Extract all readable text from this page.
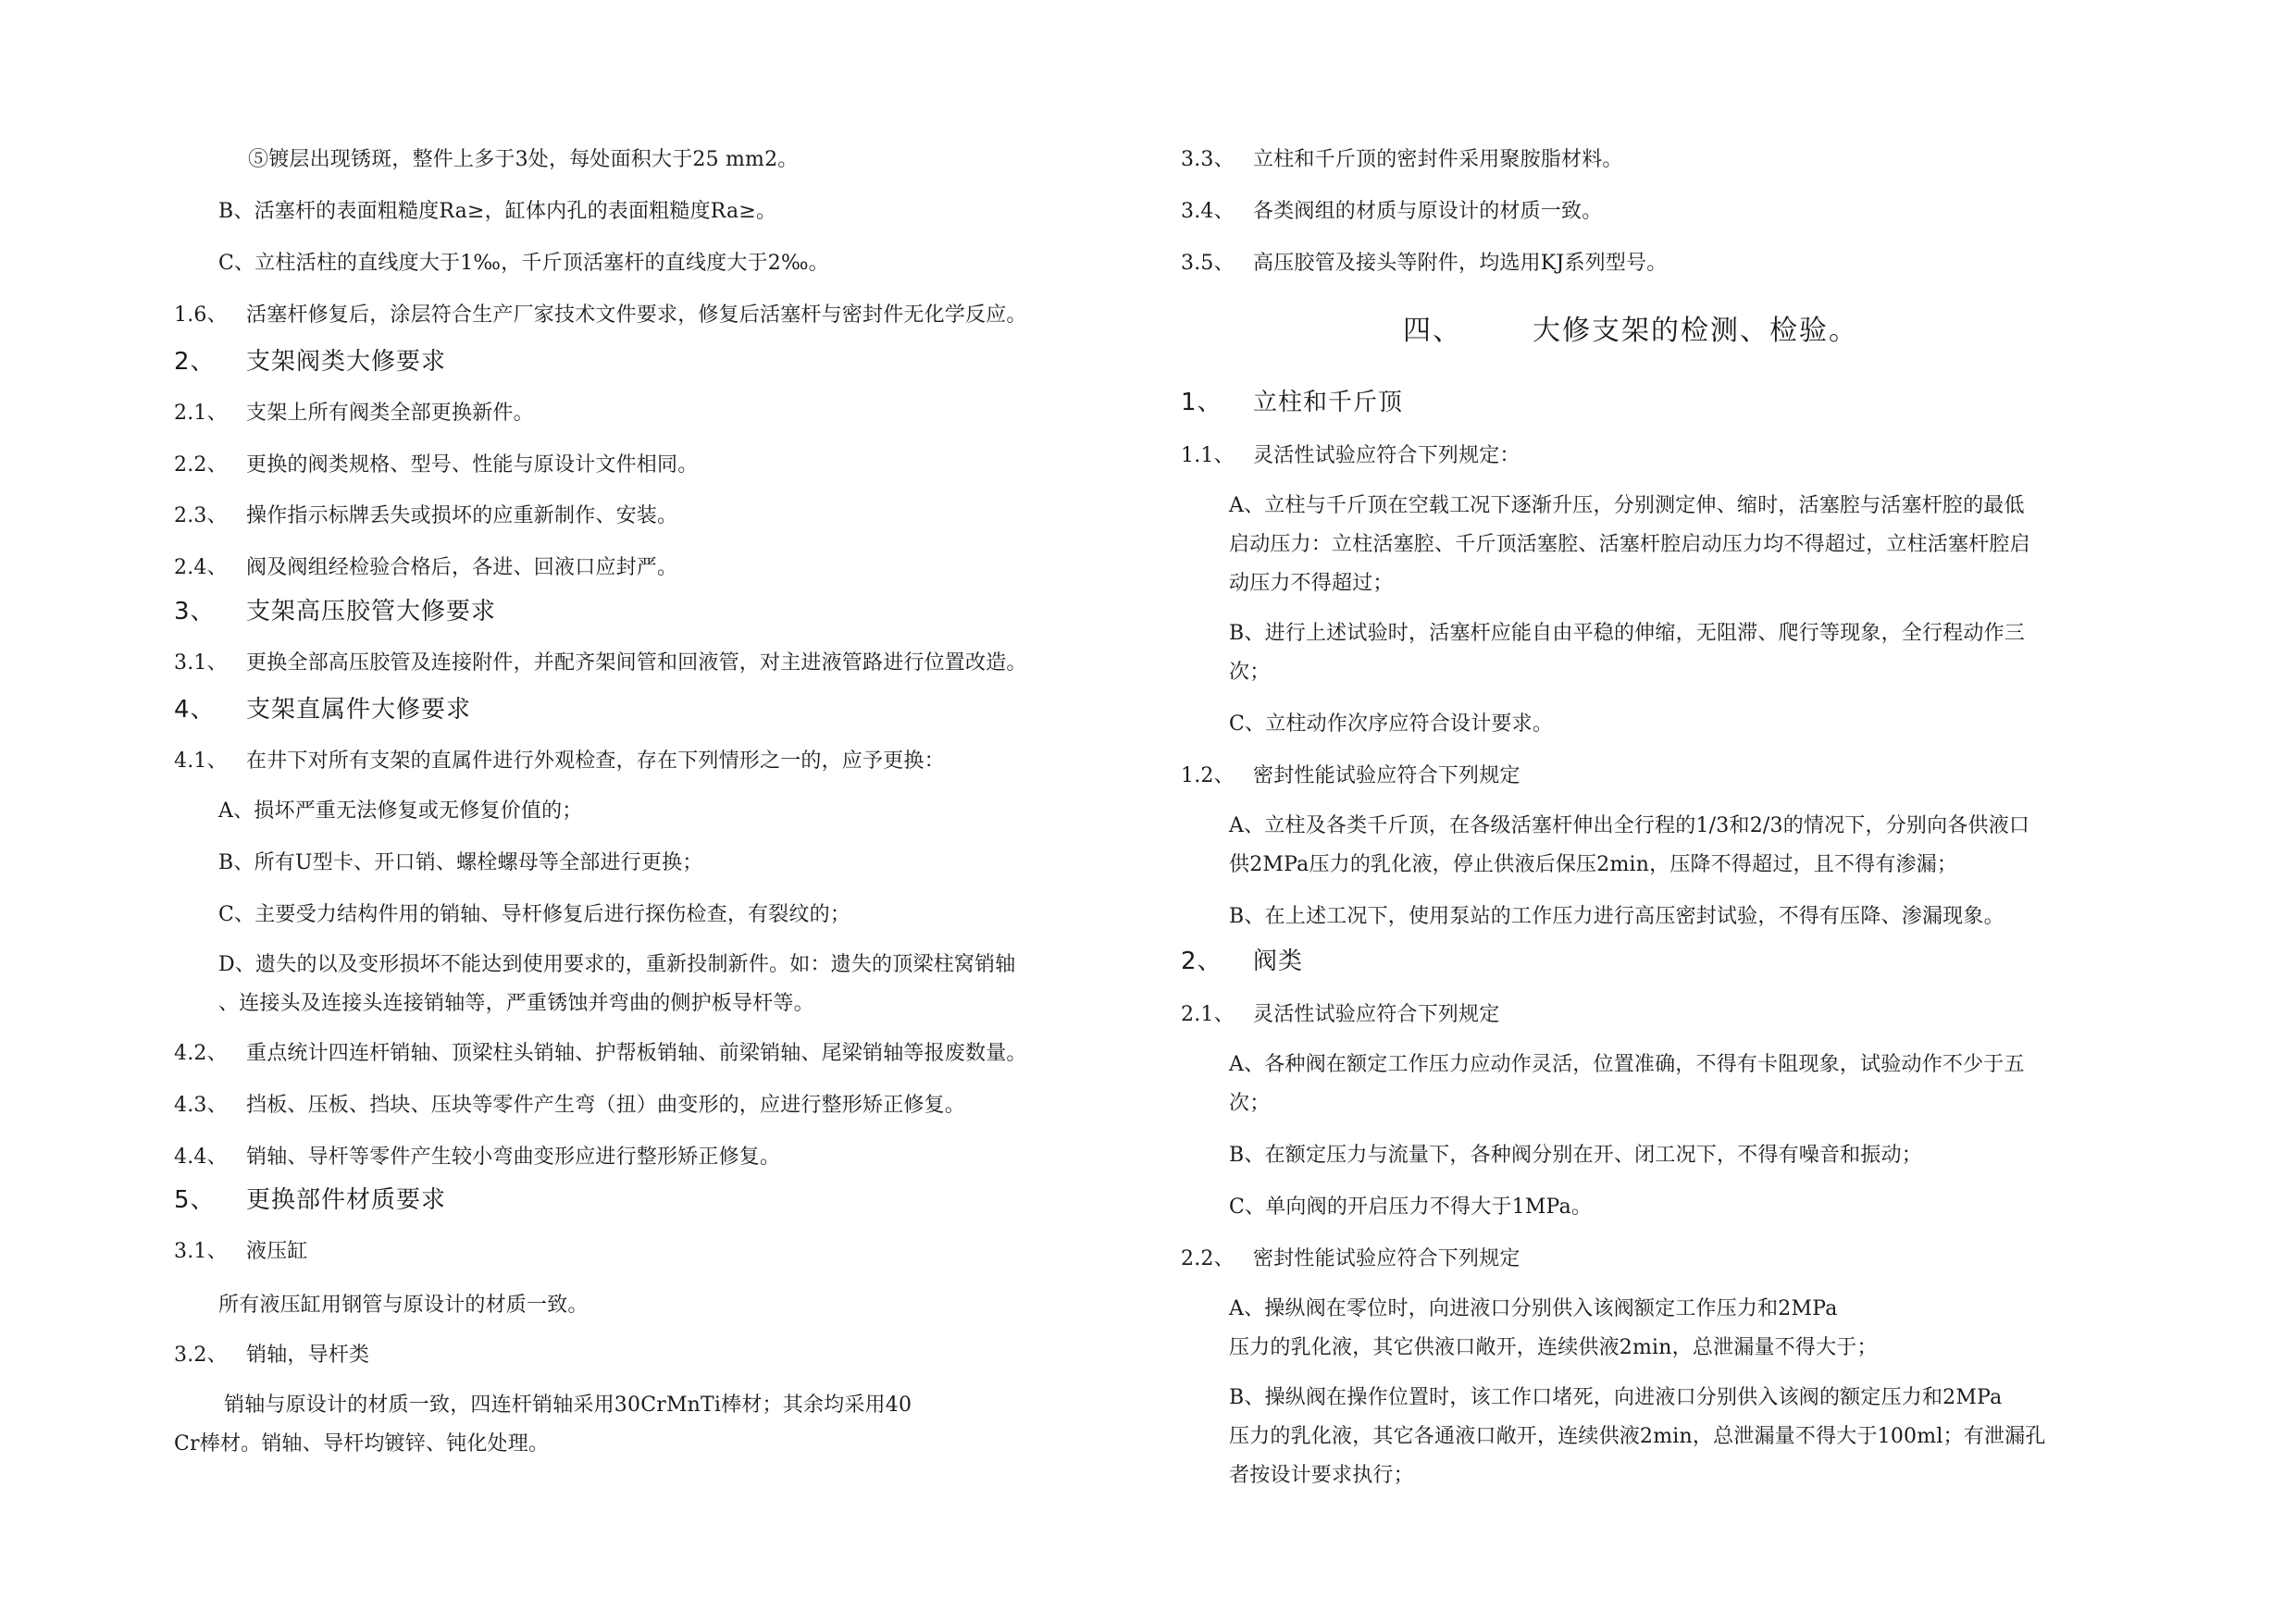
⑤镀层出现锈斑，整件上多于3处，每处面积大于25 mm2。
B、活塞杆的表面粗糙度Ra≥，缸体内孔的表面粗糙度Ra≥。
C、立柱活柱的直线度大于1‰，千斤顶活塞杆的直线度大于2‰。
1.6、 活塞杆修复后，涂层符合生产厂家技术文件要求，修复后活塞杆与密封件无化学反应。
2、 支架阀类大修要求
2.1、 支架上所有阀类全部更换新件。
2.2、 更换的阀类规格、型号、性能与原设计文件相同。
2.3、 操作指示标牌丢失或损坏的应重新制作、安装。
2.4、 阀及阀组经检验合格后，各进、回液口应封严。
3、 支架高压胶管大修要求
3.1、 更换全部高压胶管及连接附件，并配齐架间管和回液管，对主进液管路进行位置改造。
4、 支架直属件大修要求
4.1、 在井下对所有支架的直属件进行外观检查，存在下列情形之一的，应予更换：
A、损坏严重无法修复或无修复价值的；
B、所有U型卡、开口销、螺栓螺母等全部进行更换；
C、主要受力结构件用的销轴、导杆修复后进行探伤检查，有裂纹的；
D、遗失的以及变形损坏不能达到使用要求的，重新投制新件。如：遗失的顶梁柱窝销轴
、连接头及连接头连接销轴等，严重锈蚀并弯曲的侧护板导杆等。
4.2、 重点统计四连杆销轴、顶梁柱头销轴、护帮板销轴、前梁销轴、尾梁销轴等报废数量。
4.3、 挡板、压板、挡块、压块等零件产生弯（扭）曲变形的，应进行整形矫正修复。
4.4、 销轴、导杆等零件产生较小弯曲变形应进行整形矫正修复。
5、 更换部件材质要求
3.1、 液压缸
所有液压缸用钢管与原设计的材质一致。
3.2、 销轴，导杆类
销轴与原设计的材质一致，四连杆销轴采用30CrMnTi棒材；其余均采用40
Cr棒材。销轴、导杆均镀锌、钝化处理。
3.3、 立柱和千斤顶的密封件采用聚胺脂材料。
3.4、 各类阀组的材质与原设计的材质一致。
3.5、 高压胶管及接头等附件，均选用KJ系列型号。
四、	大修支架的检测、检验。
1、 立柱和千斤顶
1.1、 灵活性试验应符合下列规定：
A、立柱与千斤顶在空载工况下逐渐升压，分别测定伸、缩时，活塞腔与活塞杆腔的最低
启动压力：立柱活塞腔、千斤顶活塞腔、活塞杆腔启动压力均不得超过，立柱活塞杆腔启
动压力不得超过；
B、进行上述试验时，活塞杆应能自由平稳的伸缩，无阻滞、爬行等现象，全行程动作三
次；
C、立柱动作次序应符合设计要求。
1.2、 密封性能试验应符合下列规定
A、立柱及各类千斤顶，在各级活塞杆伸出全行程的1/3和2/3的情况下，分别向各供液口
供2MPa压力的乳化液，停止供液后保压2min，压降不得超过，且不得有渗漏；
B、在上述工况下，使用泵站的工作压力进行高压密封试验，不得有压降、渗漏现象。
2、 阀类
2.1、 灵活性试验应符合下列规定
A、各种阀在额定工作压力应动作灵活，位置准确，不得有卡阻现象，试验动作不少于五
次；
B、在额定压力与流量下，各种阀分别在开、闭工况下，不得有噪音和振动；
C、单向阀的开启压力不得大于1MPa。
2.2、 密封性能试验应符合下列规定
A、操纵阀在零位时，向进液口分别供入该阀额定工作压力和2MPa
压力的乳化液，其它供液口敞开，连续供液2min，总泄漏量不得大于；
B、操纵阀在操作位置时，该工作口堵死，向进液口分别供入该阀的额定压力和2MPa
压力的乳化液，其它各通液口敞开，连续供液2min，总泄漏量不得大于100ml；有泄漏孔
者按设计要求执行；
